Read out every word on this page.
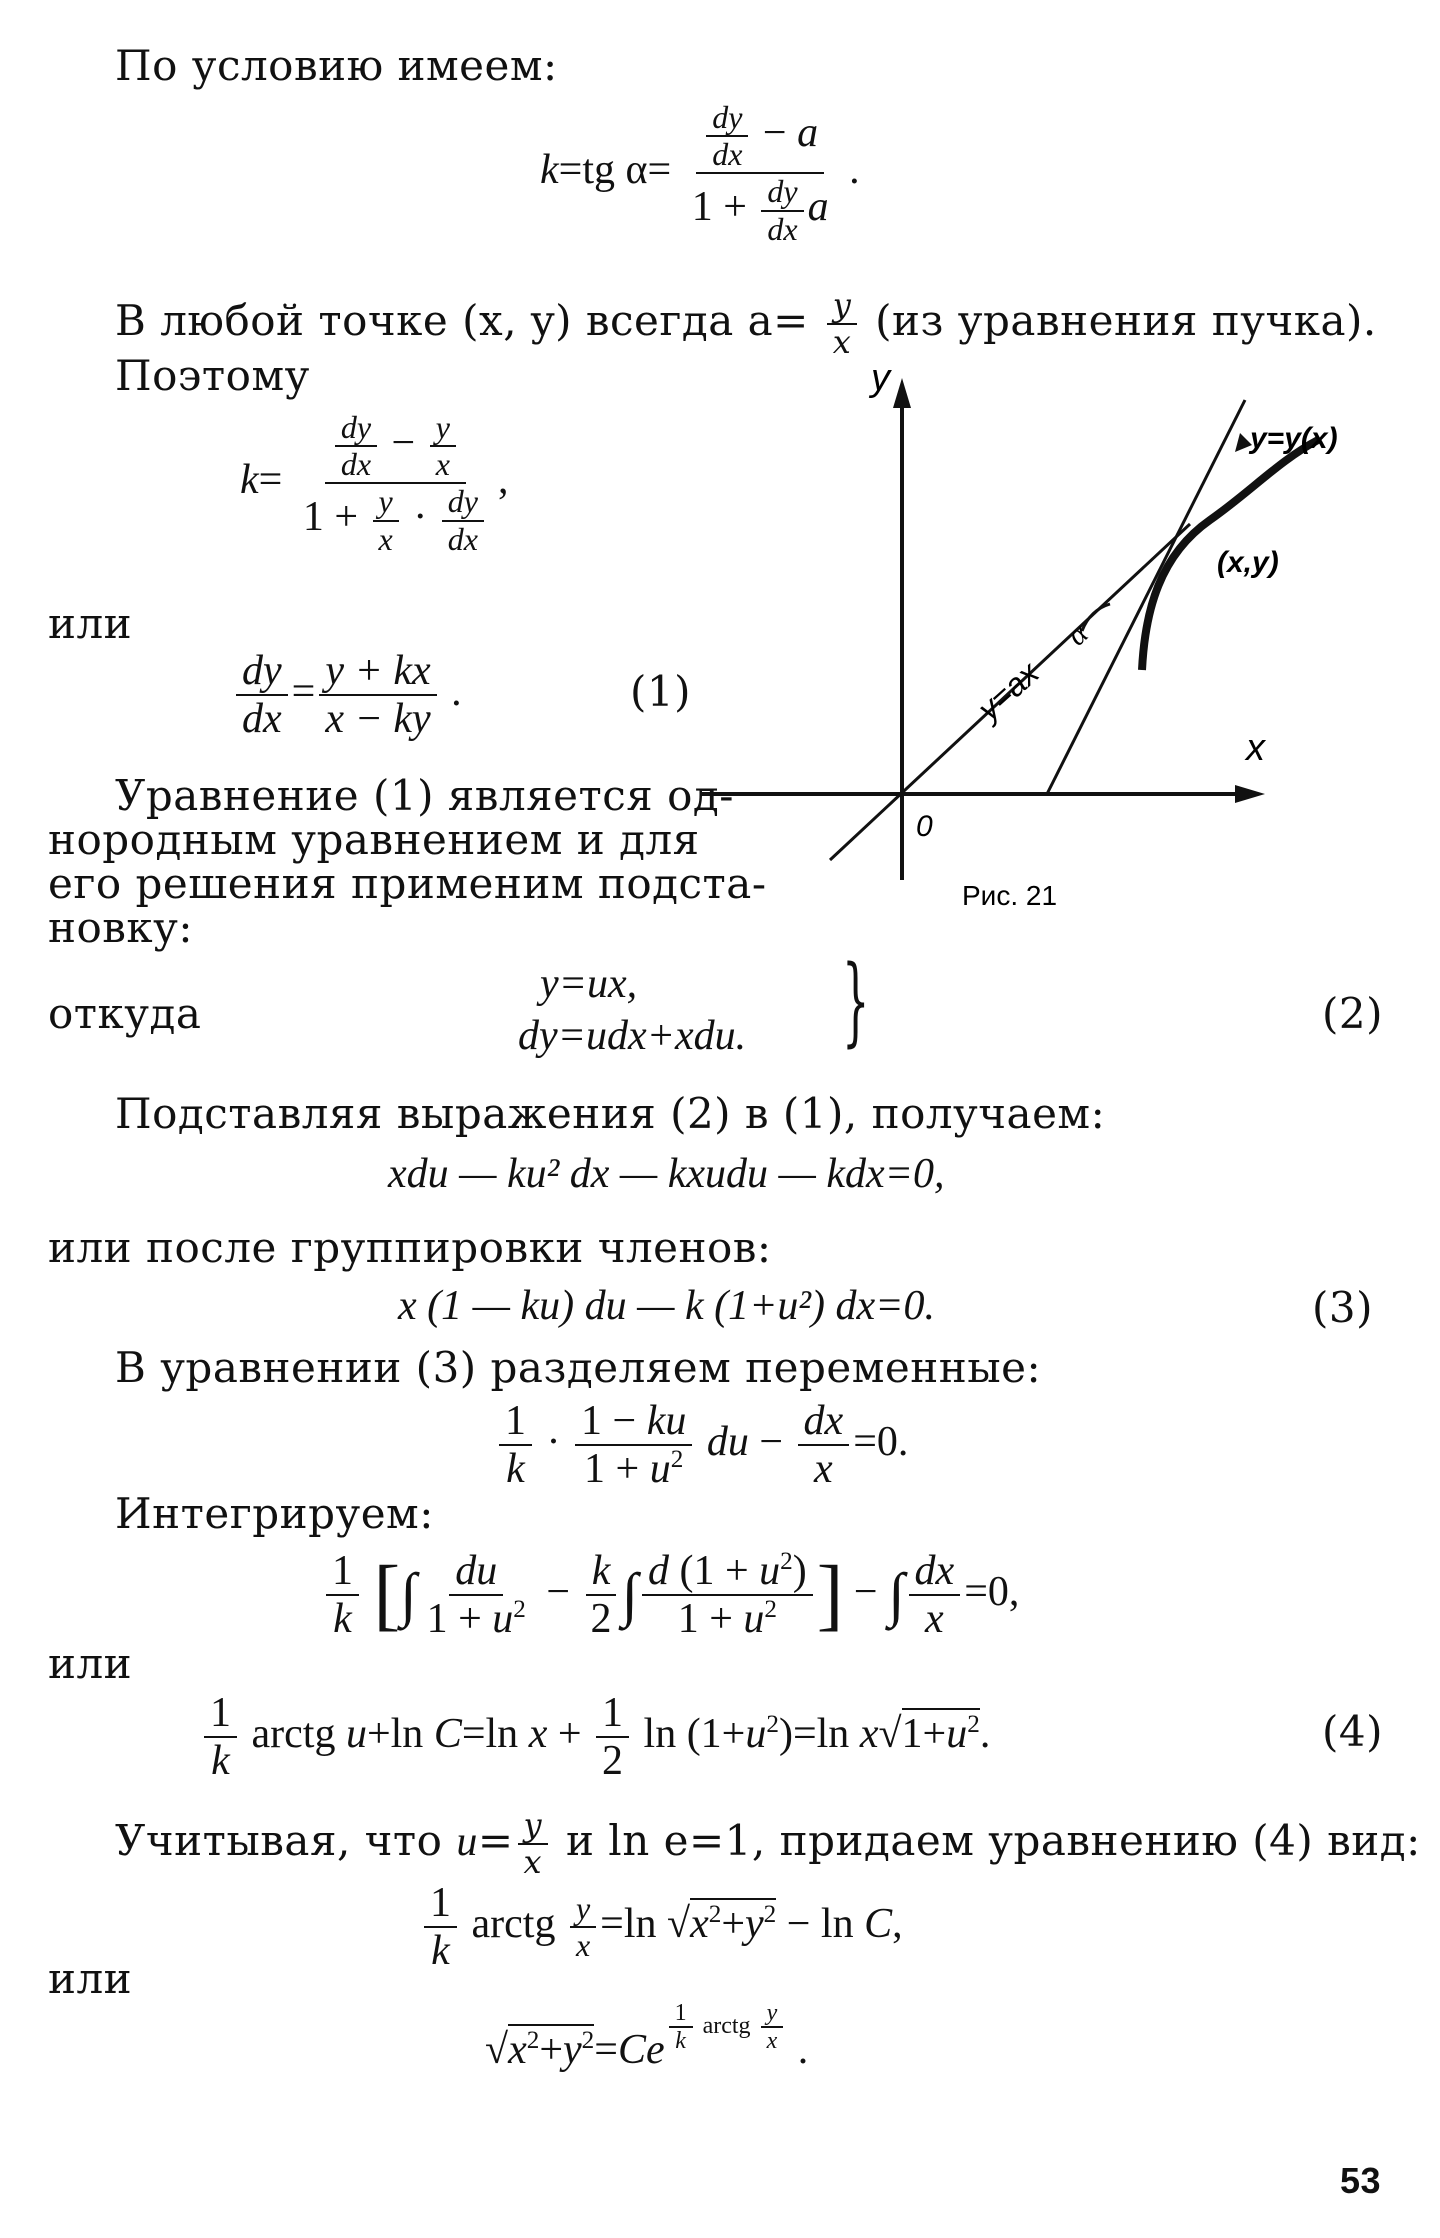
По условию имеем:
k=tg $\alpha= \frac{\frac{dy}{dx} - a}{1 + \frac{dy}{dx} a}$ .
В любой точке (x, y) всегда $a= \frac{y}{x} (из$ уравнения пучка).
Поэтому
$k= \frac{\frac{dy}{dx} - \frac{y}{x}}{1 + \frac{y}{x} \cdot \frac{dy}{dx}}$ ,
или
$\frac{dy}{dx} = \frac{y + kx}{x - ky}$ .	(1)
Уравнение (1) является од-
нородным уравнением и для
его решения применим подста-
новку:
y
x
0
y=y(x)
(x,y)
y=ax
α
Рис. 21
откуда
y=ux,
dy=udx+xdu. }	(2)
Подставляя выражения (2) в (1), получаем:
xdu — ku² dx — kxudu — kdx=0,
или после группировки членов:
x (1 — ku) du — k (1+u²) dx=0.	(3)
В уравнении (3) разделяем переменные:
$\frac{1}{k} \cdot \frac{1 - ku}{1 + u^2}$ du − $\frac{dx}{x} =0$.
Интегрируем:
$\frac{1}{k}$ [∫ $\frac{du}{1 + u^2} - \frac{k}{2}$ ∫ $\frac{d (1 + u^2)}{1 + u^2}$ ] − ∫ $\frac{dx}{x} =0$,
или
$\frac{1}{k}$ arctg u+ln C=ln $x + \frac{1}{2}$ $\ln (1+u^2)=\ln$ $x√1+u^2$.	(4)
Учитывая, что $u= \frac{y}{x}$ и ln e=1, придаем уравнению (4) вид:
$\frac{1}{k}$ arctg $\frac{y}{x} =\ln$ $√x^2+y^2 - \ln C$,
или
$√x^2+y^2=Ce$ $^{\frac{1}{k} arctg \frac{y}{x}}$ .
53
